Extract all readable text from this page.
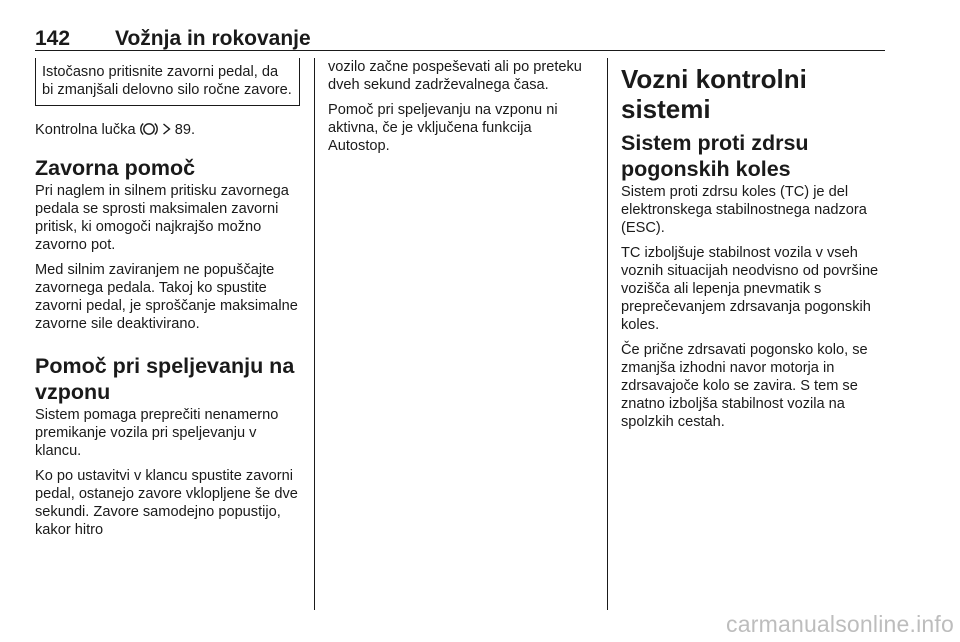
142 Vožnja in rokovanje
Istočasno pritisnite zavorni pedal, da bi zmanjšali delovno silo ročne zavore.

Kontrolna lučka	89.

Zavorna pomoč

Pri naglem in silnem pritisku zavornega pedala se sprosti maksimalen zavorni pritisk, ki omogoči najkrajšo možno zavorno pot.

Med silnim zaviranjem ne popuščajte zavornega pedala. Takoj ko spustite zavorni pedal, je sproščanje maksimalne zavorne sile deaktivirano.

Pomoč pri speljevanju na vzponu

Sistem pomaga preprečiti nenamerno premikanje vozila pri speljevanju v klancu.

Ko po ustavitvi v klancu spustite zavorni pedal, ostanejo zavore vklopljene še dve sekundi. Zavore samodejno popustijo, kakor hitro

vozilo začne pospeševati ali po preteku dveh sekund zadrževalnega časa.

Pomoč pri speljevanju na vzponu ni aktivna, če je vključena funkcija Autostop.

Vozni kontrolni sistemi
Sistem proti zdrsu pogonskih koles

Sistem proti zdrsu koles (TC) je del elektronskega stabilnostnega nadzora (ESC).

TC izboljšuje stabilnost vozila v vseh voznih situacijah neodvisno od površine vozišča ali lepenja pnevmatik s preprečevanjem zdrsavanja pogonskih koles.

Če prične zdrsavati pogonsko kolo, se zmanjša izhodni navor motorja in zdrsavajoče kolo se zavira. S tem se znatno izboljša stabilnost vozila na spolzkih cestah.

carmanualsonline.info
